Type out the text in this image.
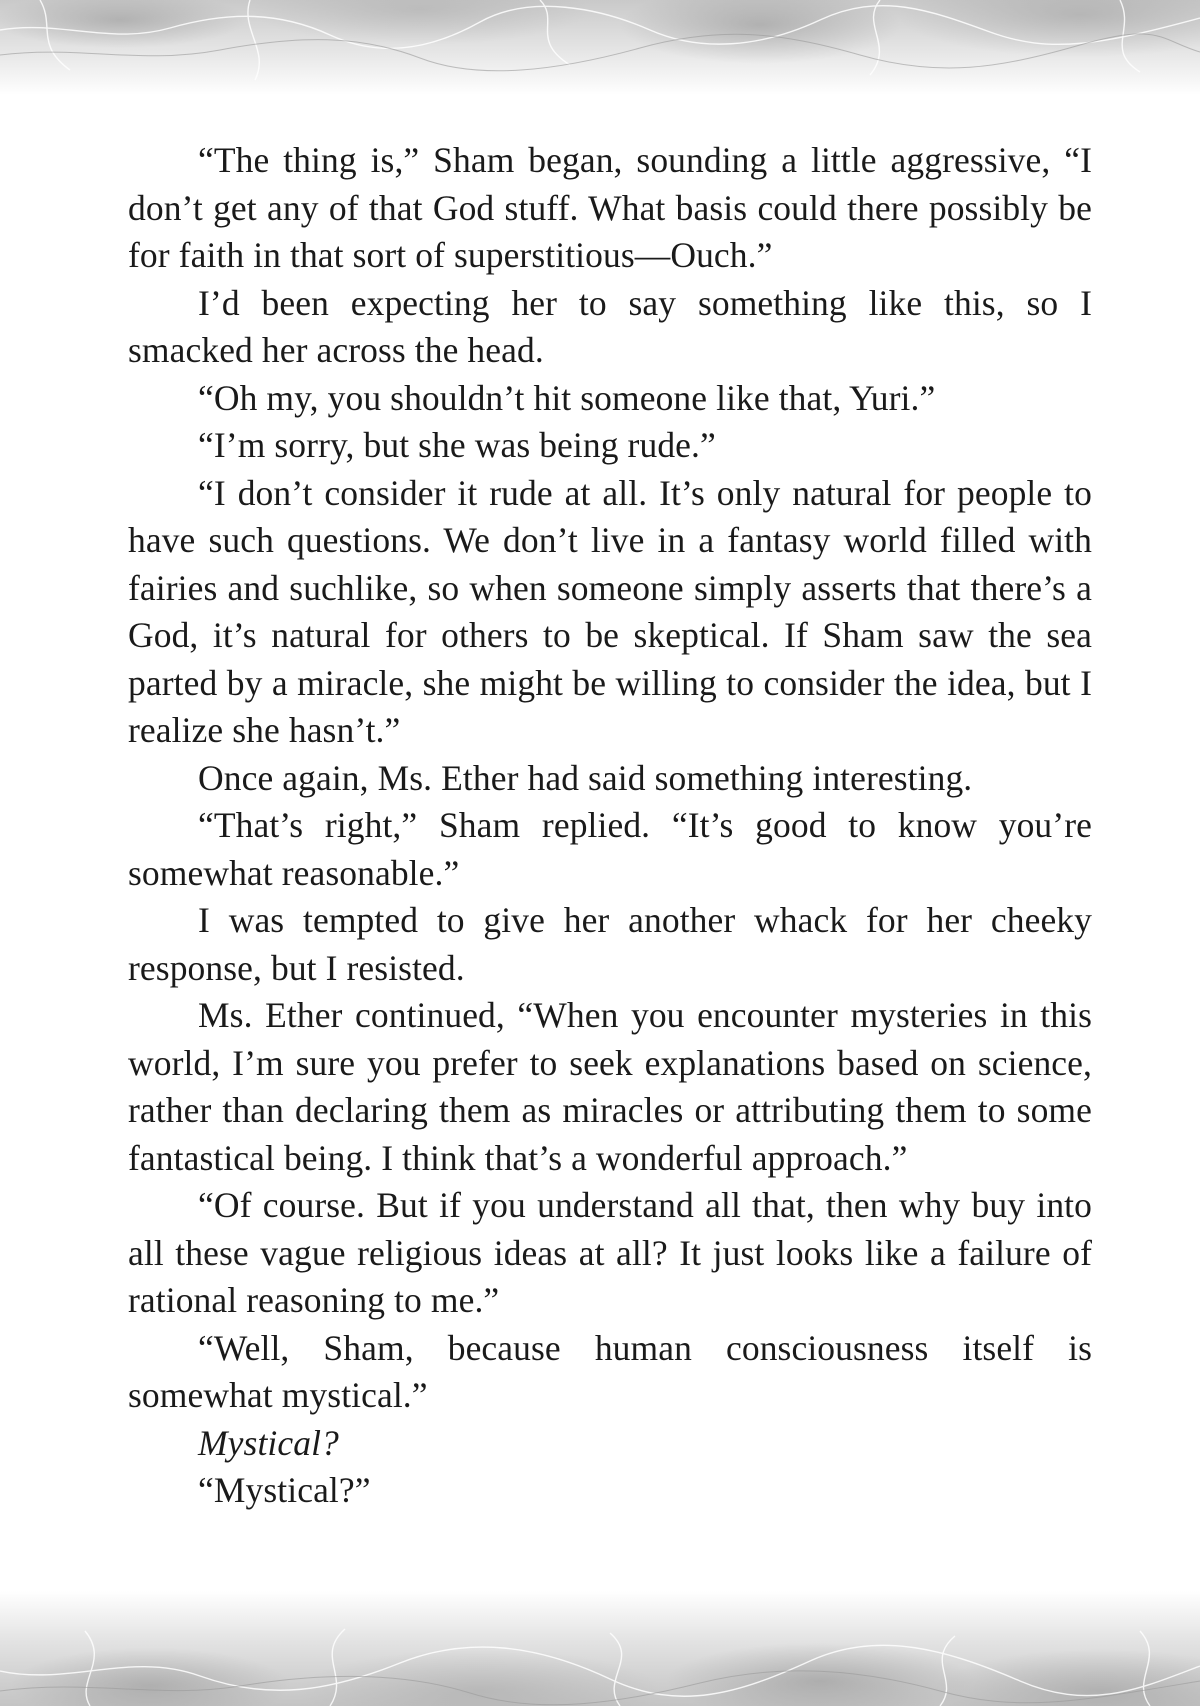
“The thing is,” Sham began, sounding a little aggressive, “I don’t get any of that God stuff. What basis could there possibly be for faith in that sort of superstitious—Ouch.”

I’d been expecting her to say something like this, so I smacked her across the head.

“Oh my, you shouldn’t hit someone like that, Yuri.”

“I’m sorry, but she was being rude.”

“I don’t consider it rude at all. It’s only natural for people to have such questions. We don’t live in a fantasy world filled with fairies and suchlike, so when someone simply asserts that there’s a God, it’s natural for others to be skeptical. If Sham saw the sea parted by a miracle, she might be willing to consider the idea, but I realize she hasn’t.”

Once again, Ms. Ether had said something interesting.

“That’s right,” Sham replied. “It’s good to know you’re somewhat reasonable.”

I was tempted to give her another whack for her cheeky response, but I resisted.

Ms. Ether continued, “When you encounter mysteries in this world, I’m sure you prefer to seek explanations based on science, rather than declaring them as miracles or attributing them to some fantastical being. I think that’s a wonderful approach.”

“Of course. But if you understand all that, then why buy into all these vague religious ideas at all? It just looks like a failure of rational reasoning to me.”

“Well, Sham, because human consciousness itself is somewhat mystical.”

Mystical?

“Mystical?”
